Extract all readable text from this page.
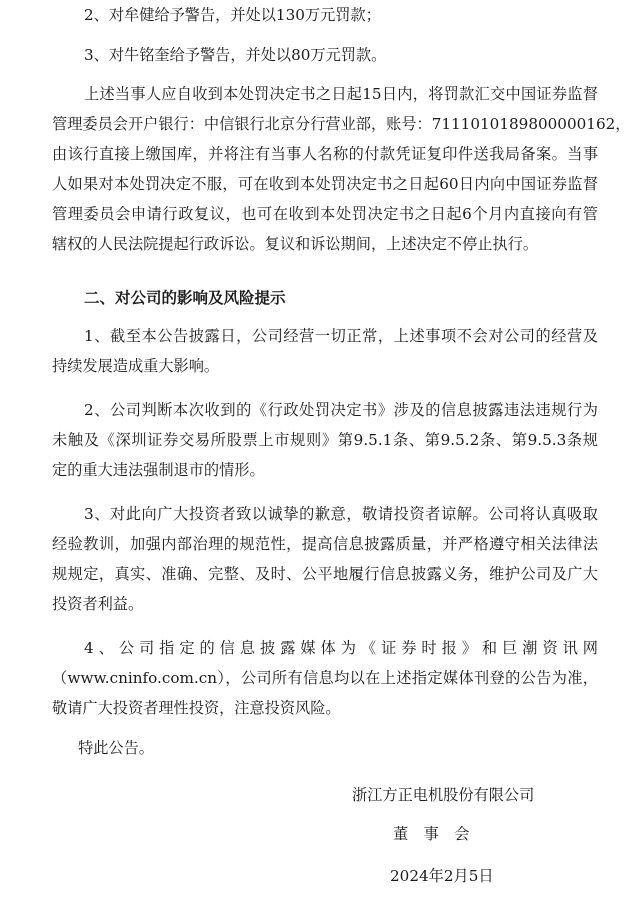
2、对牟健给予警告，并处以130万元罚款；
3、对牛铭奎给予警告，并处以80万元罚款。
上述当事人应自收到本处罚决定书之日起15日内，将罚款汇交中国证券监督
管理委员会开户银行：中信银行北京分行营业部，账号：7111010189800000162，
由该行直接上缴国库，并将注有当事人名称的付款凭证复印件送我局备案。当事
人如果对本处罚决定不服，可在收到本处罚决定书之日起60日内向中国证券监督
管理委员会申请行政复议，也可在收到本处罚决定书之日起6个月内直接向有管
辖权的人民法院提起行政诉讼。复议和诉讼期间，上述决定不停止执行。
二、对公司的影响及风险提示
1、截至本公告披露日，公司经营一切正常，上述事项不会对公司的经营及
持续发展造成重大影响。
2、公司判断本次收到的《行政处罚决定书》涉及的信息披露违法违规行为
未触及《深圳证券交易所股票上市规则》第9.5.1条、第9.5.2条、第9.5.3条规
定的重大违法强制退市的情形。
3、对此向广大投资者致以诚挚的歉意，敬请投资者谅解。公司将认真吸取
经验教训，加强内部治理的规范性，提高信息披露质量，并严格遵守相关法律法
规规定，真实、准确、完整、及时、公平地履行信息披露义务，维护公司及广大
投资者利益。
4、公司指定的信息披露媒体为《证券时报》和巨潮资讯网
（www.cninfo.com.cn），公司所有信息均以在上述指定媒体刊登的公告为准，
敬请广大投资者理性投资，注意投资风险。
特此公告。
浙江方正电机股份有限公司
董 事 会
2024年2月5日
